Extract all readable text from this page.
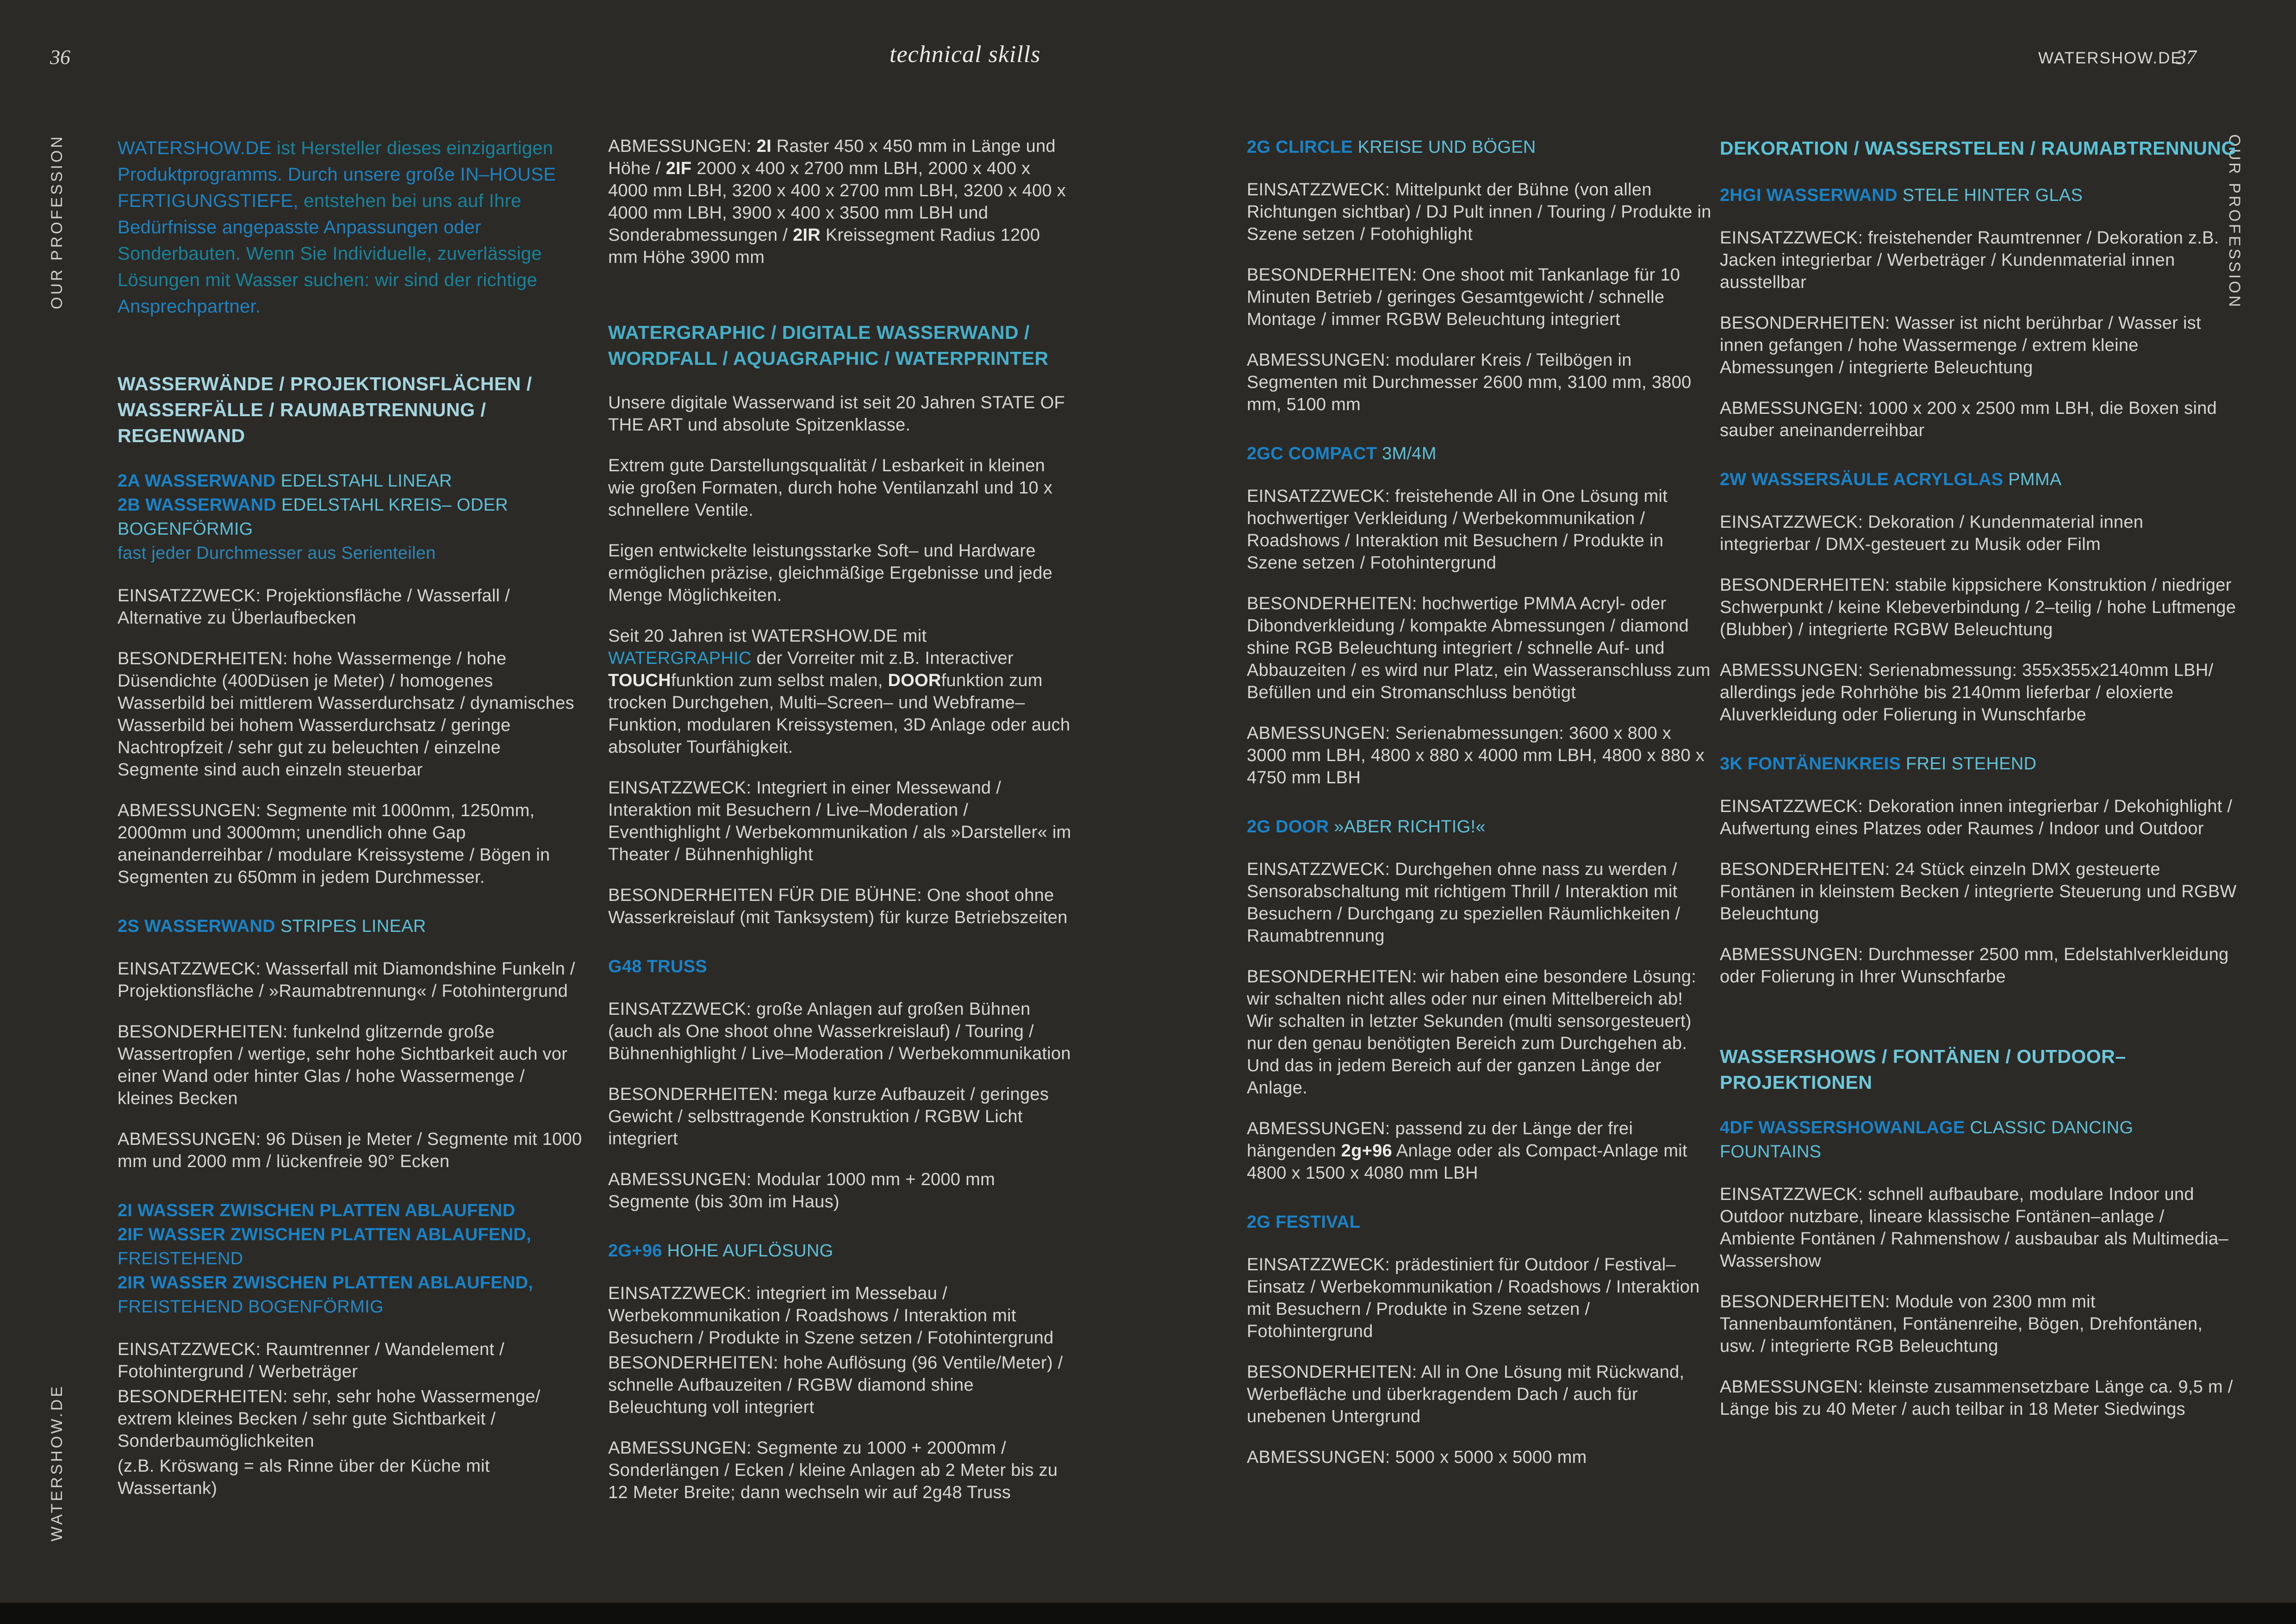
36	technical skills	WATERSHOW.DE
37
OUR PROFESSION
WATERSHOW.DE
OUR PROFESSION

WATERSHOW.DE ist Hersteller dieses einzigartigen Produktprogramms. Durch unsere große IN–HOUSE FERTIGUNGSTIEFE, entstehen bei uns auf Ihre Bedürfnisse angepasste Anpassungen oder Sonderbauten. Wenn Sie Individuelle, zuverlässige Lösungen mit Wasser suchen: wir sind der richtige Ansprechpartner.

WASSERWÄNDE / PROJEKTIONSFLÄCHEN / WASSERFÄLLE / RAUMABTRENNUNG / REGENWAND
2A WASSERWAND EDELSTAHL LINEAR
2B WASSERWAND EDELSTAHL KREIS– ODER BOGENFÖRMIG
fast jeder Durchmesser aus Serienteilen

EINSATZZWECK: Projektionsfläche / Wasserfall / Alternative zu Überlaufbecken

BESONDERHEITEN: hohe Wassermenge / hohe Düsendichte (400Düsen je Meter) / homogenes Wasserbild bei mittlerem Wasserdurchsatz / dynamisches Wasserbild bei hohem Wasserdurchsatz / geringe Nachtropfzeit / sehr gut zu beleuchten / einzelne Segmente sind auch einzeln steuerbar

ABMESSUNGEN: Segmente mit 1000mm, 1250mm, 2000mm und 3000mm; unendlich ohne Gap aneinanderreihbar / modulare Kreissysteme / Bögen in Segmenten zu 650mm in jedem Durchmesser.

2S WASSERWAND STRIPES LINEAR

EINSATZZWECK: Wasserfall mit Diamondshine Funkeln / Projektionsfläche / »Raumabtrennung« / Fotohintergrund

BESONDERHEITEN: funkelnd glitzernde große Wassertropfen / wertige, sehr hohe Sichtbarkeit auch vor einer Wand oder hinter Glas / hohe Wassermenge / kleines Becken

ABMESSUNGEN: 96 Düsen je Meter / Segmente mit 1000 mm und 2000 mm / lückenfreie 90° Ecken

2I WASSER ZWISCHEN PLATTEN ABLAUFEND
2IF WASSER ZWISCHEN PLATTEN ABLAUFEND,
FREISTEHEND
2IR WASSER ZWISCHEN PLATTEN ABLAUFEND,
FREISTEHEND BOGENFÖRMIG

EINSATZZWECK: Raumtrenner / Wandelement / Fotohintergrund / Werbeträger

BESONDERHEITEN: sehr, sehr hohe Wassermenge/ extrem kleines Becken / sehr gute Sichtbarkeit / Sonderbaumöglichkeiten

(z.B. Kröswang = als Rinne über der Küche mit Wassertank)

ABMESSUNGEN: 2I Raster 450 x 450 mm in Länge und Höhe / 2IF 2000 x 400 x 2700 mm LBH, 2000 x 400 x 4000 mm LBH, 3200 x 400 x 2700 mm LBH, 3200 x 400 x 4000 mm LBH, 3900 x 400 x 3500 mm LBH und Sonderabmessungen / 2IR Kreissegment Radius 1200 mm Höhe 3900 mm

WATERGRAPHIC / DIGITALE WASSERWAND / WORDFALL / AQUAGRAPHIC / WATERPRINTER

Unsere digitale Wasserwand ist seit 20 Jahren STATE OF THE ART und absolute Spitzenklasse.

Extrem gute Darstellungsqualität / Lesbarkeit in kleinen wie großen Formaten, durch hohe Ventilanzahl und 10 x schnellere Ventile.

Eigen entwickelte leistungsstarke Soft– und Hardware ermöglichen präzise, gleichmäßige Ergebnisse und jede Menge Möglichkeiten.

Seit 20 Jahren ist WATERSHOW.DE mit WATERGRAPHIC der Vorreiter mit z.B. Interactiver TOUCHfunktion zum selbst malen, DOORfunktion zum trocken Durchgehen, Multi–Screen– und Webframe–Funktion, modularen Kreissystemen, 3D Anlage oder auch absoluter Tourfähigkeit.

EINSATZZWECK: Integriert in einer Messewand / Interaktion mit Besuchern / Live–Moderation / Eventhighlight / Werbekommunikation / als »Darsteller« im Theater / Bühnenhighlight

BESONDERHEITEN FÜR DIE BÜHNE: One shoot ohne Wasserkreislauf (mit Tanksystem) für kurze Betriebszeiten

G48 TRUSS

EINSATZZWECK: große Anlagen auf großen Bühnen (auch als One shoot ohne Wasserkreislauf) / Touring / Bühnenhighlight / Live–Moderation / Werbekommunikation

BESONDERHEITEN: mega kurze Aufbauzeit / geringes Gewicht / selbsttragende Konstruktion / RGBW Licht integriert

ABMESSUNGEN: Modular 1000 mm + 2000 mm Segmente (bis 30m im Haus)

2G+96 HOHE AUFLÖSUNG

EINSATZZWECK: integriert im Messebau / Werbekommunikation / Roadshows / Interaktion mit Besuchern / Produkte in Szene setzen / Fotohintergrund

BESONDERHEITEN: hohe Auflösung (96 Ventile/Meter) / schnelle Aufbauzeiten / RGBW diamond shine Beleuchtung voll integriert

ABMESSUNGEN: Segmente zu 1000 + 2000mm / Sonderlängen / Ecken / kleine Anlagen ab 2 Meter bis zu 12 Meter Breite; dann wechseln wir auf 2g48 Truss

2G CLIRCLE KREISE UND BÖGEN

EINSATZZWECK: Mittelpunkt der Bühne (von allen Richtungen sichtbar) / DJ Pult innen / Touring / Produkte in Szene setzen / Fotohighlight

BESONDERHEITEN: One shoot mit Tankanlage für 10 Minuten Betrieb / geringes Gesamtgewicht / schnelle Montage / immer RGBW Beleuchtung integriert

ABMESSUNGEN: modularer Kreis / Teilbögen in Segmenten mit Durchmesser 2600 mm, 3100 mm, 3800 mm, 5100 mm

2GC COMPACT 3M/4M

EINSATZZWECK: freistehende All in One Lösung mit hochwertiger Verkleidung / Werbekommunikation / Roadshows / Interaktion mit Besuchern / Produkte in Szene setzen / Fotohintergrund

BESONDERHEITEN: hochwertige PMMA Acryl- oder Dibondverkleidung / kompakte Abmessungen / diamond shine RGB Beleuchtung integriert / schnelle Auf- und Abbauzeiten / es wird nur Platz, ein Wasseranschluss zum Befüllen und ein Stromanschluss benötigt

ABMESSUNGEN: Serienabmessungen: 3600 x 800 x 3000 mm LBH, 4800 x 880 x 4000 mm LBH, 4800 x 880 x 4750 mm LBH

2G DOOR »ABER RICHTIG!«

EINSATZZWECK: Durchgehen ohne nass zu werden / Sensorabschaltung mit richtigem Thrill / Interaktion mit Besuchern / Durchgang zu speziellen Räumlichkeiten / Raumabtrennung

BESONDERHEITEN: wir haben eine besondere Lösung: wir schalten nicht alles oder nur einen Mittelbereich ab! Wir schalten in letzter Sekunden (multi sensorgesteuert) nur den genau benötigten Bereich zum Durchgehen ab. Und das in jedem Bereich auf der ganzen Länge der Anlage.

ABMESSUNGEN: passend zu der Länge der frei hängenden 2g+96 Anlage oder als Compact-Anlage mit 4800 x 1500 x 4080 mm LBH

2G FESTIVAL

EINSATZZWECK: prädestiniert für Outdoor / Festival–Einsatz / Werbekommunikation / Roadshows / Interaktion mit Besuchern / Produkte in Szene setzen / Fotohintergrund

BESONDERHEITEN: All in One Lösung mit Rückwand, Werbefläche und überkragendem Dach / auch für unebenen Untergrund

ABMESSUNGEN: 5000 x 5000 x 5000 mm

DEKORATION / WASSERSTELEN / RAUMABTRENNUNG
2HGI WASSERWAND STELE HINTER GLAS

EINSATZZWECK: freistehender Raumtrenner / Dekoration z.B. Jacken integrierbar / Werbeträger / Kundenmaterial innen ausstellbar

BESONDERHEITEN: Wasser ist nicht berührbar / Wasser ist innen gefangen / hohe Wassermenge / extrem kleine Abmessungen / integrierte Beleuchtung

ABMESSUNGEN: 1000 x 200 x 2500 mm LBH, die Boxen sind sauber aneinanderreihbar

2W WASSERSÄULE ACRYLGLAS PMMA

EINSATZZWECK: Dekoration / Kundenmaterial innen integrierbar / DMX-gesteuert zu Musik oder Film

BESONDERHEITEN: stabile kippsichere Konstruktion / niedriger Schwerpunkt / keine Klebeverbindung / 2–teilig / hohe Luftmenge (Blubber) / integrierte RGBW Beleuchtung

ABMESSUNGEN: Serienabmessung: 355x355x2140mm LBH/ allerdings jede Rohrhöhe bis 2140mm lieferbar / eloxierte Aluverkleidung oder Folierung in Wunschfarbe

3K FONTÄNENKREIS FREI STEHEND

EINSATZZWECK: Dekoration innen integrierbar / Dekohighlight / Aufwertung eines Platzes oder Raumes / Indoor und Outdoor

BESONDERHEITEN: 24 Stück einzeln DMX gesteuerte Fontänen in kleinstem Becken / integrierte Steuerung und RGBW Beleuchtung

ABMESSUNGEN: Durchmesser 2500 mm, Edelstahlverkleidung oder Folierung in Ihrer Wunschfarbe

WASSERSHOWS / FONTÄNEN / OUTDOOR–PROJEKTIONEN
4DF WASSERSHOWANLAGE CLASSIC DANCING FOUNTAINS

EINSATZZWECK: schnell aufbaubare, modulare Indoor und Outdoor nutzbare, lineare klassische Fontänen–anlage / Ambiente Fontänen / Rahmenshow / ausbaubar als Multimedia–Wassershow

BESONDERHEITEN: Module von 2300 mm mit Tannenbaumfontänen, Fontänenreihe, Bögen, Drehfontänen, usw. / integrierte RGB Beleuchtung

ABMESSUNGEN: kleinste zusammensetzbare Länge ca. 9,5 m / Länge bis zu 40 Meter / auch teilbar in 18 Meter Siedwings
